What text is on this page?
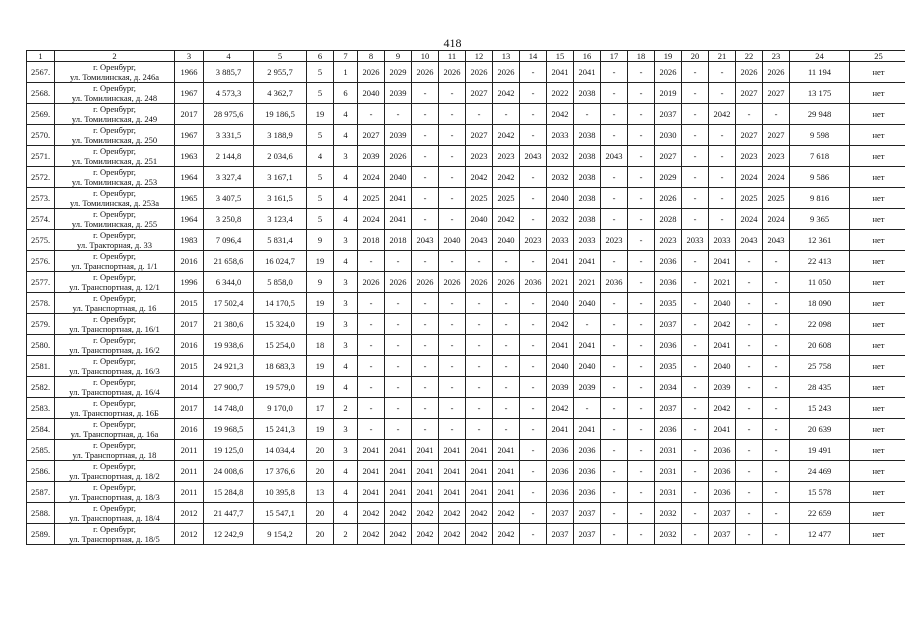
418
1	2	3	4	5	6	7	8	9	10	11	12	13	14	15	16	17	18	19	20	21	22	23	24	25
2567.	г. Оренбург,
ул. Томилинская, д. 246а	1966	3 885,7	2 955,7	5	1	2026	2029	2026	2026	2026	2026	-	2041	2041	-	-	2026	-	-	2026	2026	11 194	нет
2568.	г. Оренбург,
ул. Томилинская, д. 248	1967	4 573,3	4 362,7	5	6	2040	2039	-	-	2027	2042	-	2022	2038	-	-	2019	-	-	2027	2027	13 175	нет
2569.	г. Оренбург,
ул. Томилинская, д. 249	2017	28 975,6	19 186,5	19	4	-	-	-	-	-	-	-	2042	-	-	-	2037	-	2042	-	-	29 948	нет
2570.	г. Оренбург,
ул. Томилинская, д. 250	1967	3 331,5	3 188,9	5	4	2027	2039	-	-	2027	2042	-	2033	2038	-	-	2030	-	-	2027	2027	9 598	нет
2571.	г. Оренбург,
ул. Томилинская, д. 251	1963	2 144,8	2 034,6	4	3	2039	2026	-	-	2023	2023	2043	2032	2038	2043	-	2027	-	-	2023	2023	7 618	нет
2572.	г. Оренбург,
ул. Томилинская, д. 253	1964	3 327,4	3 167,1	5	4	2024	2040	-	-	2042	2042	-	2032	2038	-	-	2029	-	-	2024	2024	9 586	нет
2573.	г. Оренбург,
ул. Томилинская, д. 253а	1965	3 407,5	3 161,5	5	4	2025	2041	-	-	2025	2025	-	2040	2038	-	-	2026	-	-	2025	2025	9 816	нет
2574.	г. Оренбург,
ул. Томилинская, д. 255	1964	3 250,8	3 123,4	5	4	2024	2041	-	-	2040	2042	-	2032	2038	-	-	2028	-	-	2024	2024	9 365	нет
2575.	г. Оренбург,
ул. Тракторная, д. 33	1983	7 096,4	5 831,4	9	3	2018	2018	2043	2040	2043	2040	2023	2033	2033	2023	-	2023	2033	2033	2043	2043	12 361	нет
2576.	г. Оренбург,
ул. Транспортная, д. 1/1	2016	21 658,6	16 024,7	19	4	-	-	-	-	-	-	-	2041	2041	-	-	2036	-	2041	-	-	22 413	нет
2577.	г. Оренбург,
ул. Транспортная, д. 12/1	1996	6 344,0	5 858,0	9	3	2026	2026	2026	2026	2026	2026	2036	2021	2021	2036	-	2036	-	2021	-	-	11 050	нет
2578.	г. Оренбург,
ул. Транспортная, д. 16	2015	17 502,4	14 170,5	19	3	-	-	-	-	-	-	-	2040	2040	-	-	2035	-	2040	-	-	18 090	нет
2579.	г. Оренбург,
ул. Транспортная, д. 16/1	2017	21 380,6	15 324,0	19	3	-	-	-	-	-	-	-	2042	-	-	-	2037	-	2042	-	-	22 098	нет
2580.	г. Оренбург,
ул. Транспортная, д. 16/2	2016	19 938,6	15 254,0	18	3	-	-	-	-	-	-	-	2041	2041	-	-	2036	-	2041	-	-	20 608	нет
2581.	г. Оренбург,
ул. Транспортная, д. 16/3	2015	24 921,3	18 683,3	19	4	-	-	-	-	-	-	-	2040	2040	-	-	2035	-	2040	-	-	25 758	нет
2582.	г. Оренбург,
ул. Транспортная, д. 16/4	2014	27 900,7	19 579,0	19	4	-	-	-	-	-	-	-	2039	2039	-	-	2034	-	2039	-	-	28 435	нет
2583.	г. Оренбург,
ул. Транспортная, д. 16Б	2017	14 748,0	9 170,0	17	2	-	-	-	-	-	-	-	2042	-	-	-	2037	-	2042	-	-	15 243	нет
2584.	г. Оренбург,
ул. Транспортная, д. 16а	2016	19 968,5	15 241,3	19	3	-	-	-	-	-	-	-	2041	2041	-	-	2036	-	2041	-	-	20 639	нет
2585.	г. Оренбург,
ул. Транспортная, д. 18	2011	19 125,0	14 034,4	20	3	2041	2041	2041	2041	2041	2041	-	2036	2036	-	-	2031	-	2036	-	-	19 491	нет
2586.	г. Оренбург,
ул. Транспортная, д. 18/2	2011	24 008,6	17 376,6	20	4	2041	2041	2041	2041	2041	2041	-	2036	2036	-	-	2031	-	2036	-	-	24 469	нет
2587.	г. Оренбург,
ул. Транспортная, д. 18/3	2011	15 284,8	10 395,8	13	4	2041	2041	2041	2041	2041	2041	-	2036	2036	-	-	2031	-	2036	-	-	15 578	нет
2588.	г. Оренбург,
ул. Транспортная, д. 18/4	2012	21 447,7	15 547,1	20	4	2042	2042	2042	2042	2042	2042	-	2037	2037	-	-	2032	-	2037	-	-	22 659	нет
2589.	г. Оренбург,
ул. Транспортная, д. 18/5	2012	12 242,9	9 154,2	20	2	2042	2042	2042	2042	2042	2042	-	2037	2037	-	-	2032	-	2037	-	-	12 477	нет
